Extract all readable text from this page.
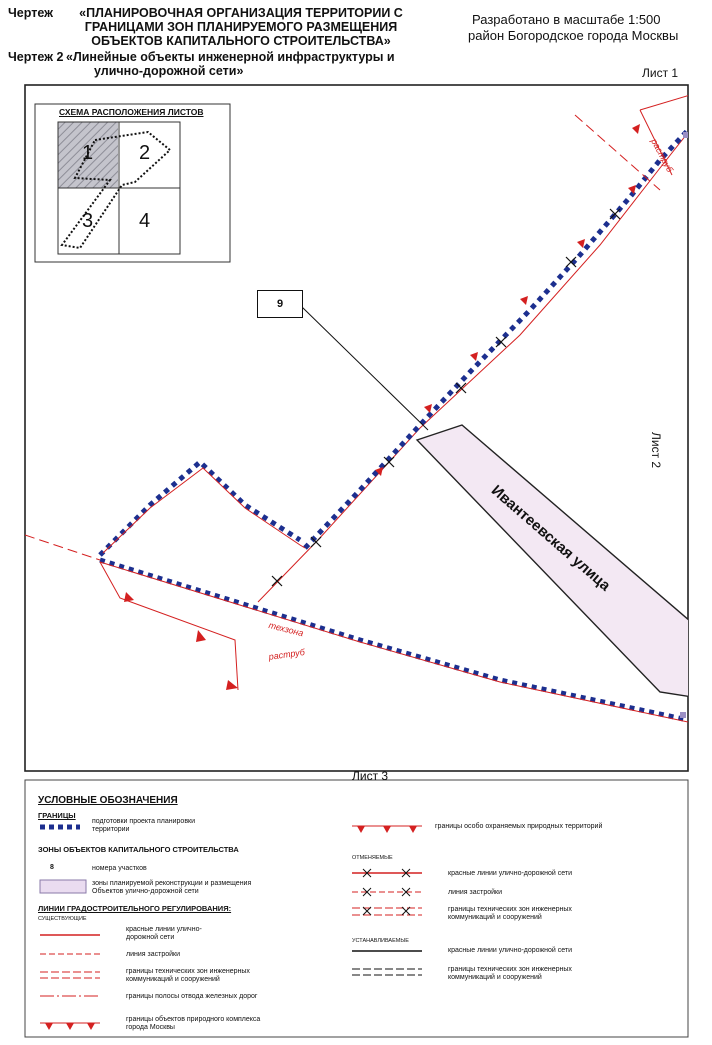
Чертеж «ПЛАНИРОВОЧНАЯ ОРГАНИЗАЦИЯ ТЕРРИТОРИИ С
ГРАНИЦАМИ ЗОН ПЛАНИРУЕМОГО РАЗМЕЩЕНИЯ
ОБЪЕКТОВ КАПИТАЛЬНОГО СТРОИТЕЛЬСТВА»
Чертеж 2 «Линейные объекты инженерной инфраструктуры и
улично-дорожной сети»
Разработано в масштабе 1:500
район Богородское города Москвы
СХЕМА РАСПОЛОЖЕНИЯ ЛИСТОВ
1 2
3 4
Лист 1
Лист 2
Лист 3
9
Ивантеевская улица
техзона
раструб
раструб
УСЛОВНЫЕ ОБОЗНАЧЕНИЯ
ГРАНИЦЫ
подготовки проекта планировки территории
ЗОНЫ ОБЪЕКТОВ КАПИТАЛЬНОГО СТРОИТЕЛЬСТВА
8	номера участков
зоны планируемой реконструкции и размещения Объектов улично-дорожной сети
ЛИНИИ ГРАДОСТРОИТЕЛЬНОГО РЕГУЛИРОВАНИЯ:
СУЩЕСТВУЮЩИЕ
красные линии улично-дорожной сети
линия застройки
границы технических зон инженерных коммуникаций и сооружений
границы полосы отвода железных дорог
границы объектов природного комплекса города Москвы
границы особо охраняемых природных территорий
ОТМЕНЯЕМЫЕ
красные линии улично-дорожной сети
линия застройки
границы технических зон инженерных коммуникаций и сооружений
УСТАНАВЛИВАЕМЫЕ
красные линии улично-дорожной сети
границы технических зон инженерных коммуникаций и сооружений
